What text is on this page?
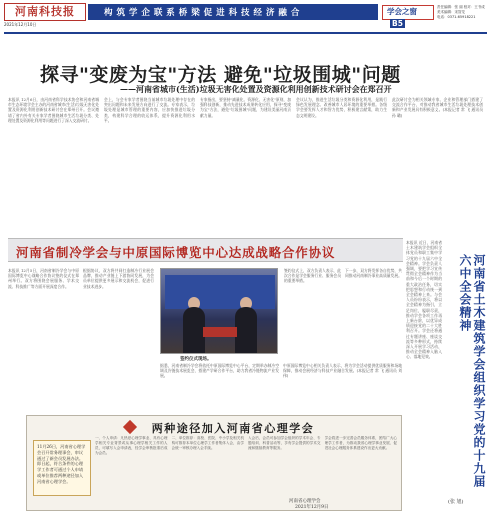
河南科技报
2021年12月10日
构 筑 学 企 联 系 桥 梁 促 进 科 技 经 济 融 合	学会之窗B5
责任编辑：张 丽 校对：王书成
美术编辑：宋智龙
电话：0371-65918221
探寻"变废为宝"方法 避免"垃圾围城"问题
——河南省城市(生活)垃圾无害化处置及资源化利用创新技术研讨会在郑召开
本报讯 12月6日，由河南省科学技术协会和河南省城市生态环境学会主办的河南省城市(生活)垃圾无害化处置及资源化利用创新技术研讨会在郑州召开。会议邀请了省内外有关专家学者围绕城市生活垃圾分类、处理处置及资源化利用等问题进行了深入交流研讨。
会上，与会专家学者围绕当前城市垃圾处理中存在的突出问题和未来发展方向进行了交流。专家表示，垃圾处理是城市管理的重要内容，应加快推进垃圾分类，构建科学合理的收运体系，提升资源化利用水平。
专家指出，要坚持"减量化、资源化、无害化"原则，加强科技创新，推动先进技术成果转化应用，探寻"变废为宝"方法，避免"垃圾围城"问题，为建设美丽河南贡献力量。
会议认为，推进生活垃圾分类和资源化利用，是践行绿色发展理念、改善城市人居环境的重要举措。各级学会要发挥人才和智力优势，积极建言献策，助力生态文明建设。
此次研讨会为相关领域专家、企业和管理部门搭建了交流合作平台，对推动我省城市生活垃圾处理技术创新和产业发展具有积极意义。(本报记者 常 飞 通讯员 孙 璐)
河南省制冷学会与中原国际博览中心达成战略合作协议
本报讯 12月5日，河南省制冷学会与中原国际博览中心战略合作协议签约仪式在郑州举行。双方将围绕会展服务、学术交流、科技推广等方面开展深度合作。
根据协议，双方将共同打造制冷行业展会品牌，推动产业链上下游协同发展，为会员单位提供更多展示和交流机会，促进行业技术进步。
签约仪式现场。
签约仪式上，双方负责人表示，此次合作是学会服务行业、服务会员的重要举措。
下一步，双方将发挥各自优势，共同推动河南制冷事业高质量发展。
据悉，河南省制冷学会将依托中原国际博览中心平台，定期举办制冷空调及冷链技术展览会，搭建产学研合作平台，助力我省冷链物流产业发展。
中原国际博览中心相关负责人表示，将为学会活动提供优质服务和场地保障，推动会展经济与科技产业融合发展。(本报记者 常 飞 通讯员 刘 伟)
本报讯 近日，河南省土木建筑学会组织全体党员和职工集中学习党的十九届六中全会精神。学会负责人强调，要把学习宣传贯彻全会精神作为当前和今后一个时期的重大政治任务，切实把思想和行动统一到全会精神上来。与会人员纷纷表示，将以全会精神为指引，立足岗位，履职尽责，推动学会各项工作再上新台阶，以优异成绩迎接党的二十大胜利召开。学会还将通过专题讲座、座谈交流等多种形式，持续深入开展学习活动，推动全会精神入脑入心、落地见效。	河南省土木建筑学会组织学习党的十九届六中全会精神
(张 旭)
两种途径加入河南省心理学会
11月26日，河南省心理学会召开常务理事会，审议通过了新会员发展办法。即日起，符合条件的心理学工作者可通过个人申请或单位推荐两种途径加入河南省心理学会。
一、个人申请：凡热爱心理学事业、具有心理学相关专业背景或从事心理学相关工作的人员，可填写入会申请表，经学会审核批准后成为会员。
二、单位推荐：高校、医院、中小学及相关机构可推荐本单位心理学工作者集体入会，由学会统一审核办理入会手续。
入会后，会员可参加学会组织的学术年会、专题培训、科普活动等，享有学会提供的学术交流和继续教育等服务。
学会将进一步完善会员服务体系，团结广大心理学工作者，为推动我省心理学事业发展、促进社会心理服务体系建设作出更大贡献。
河南省心理学会
2021年12月9日
